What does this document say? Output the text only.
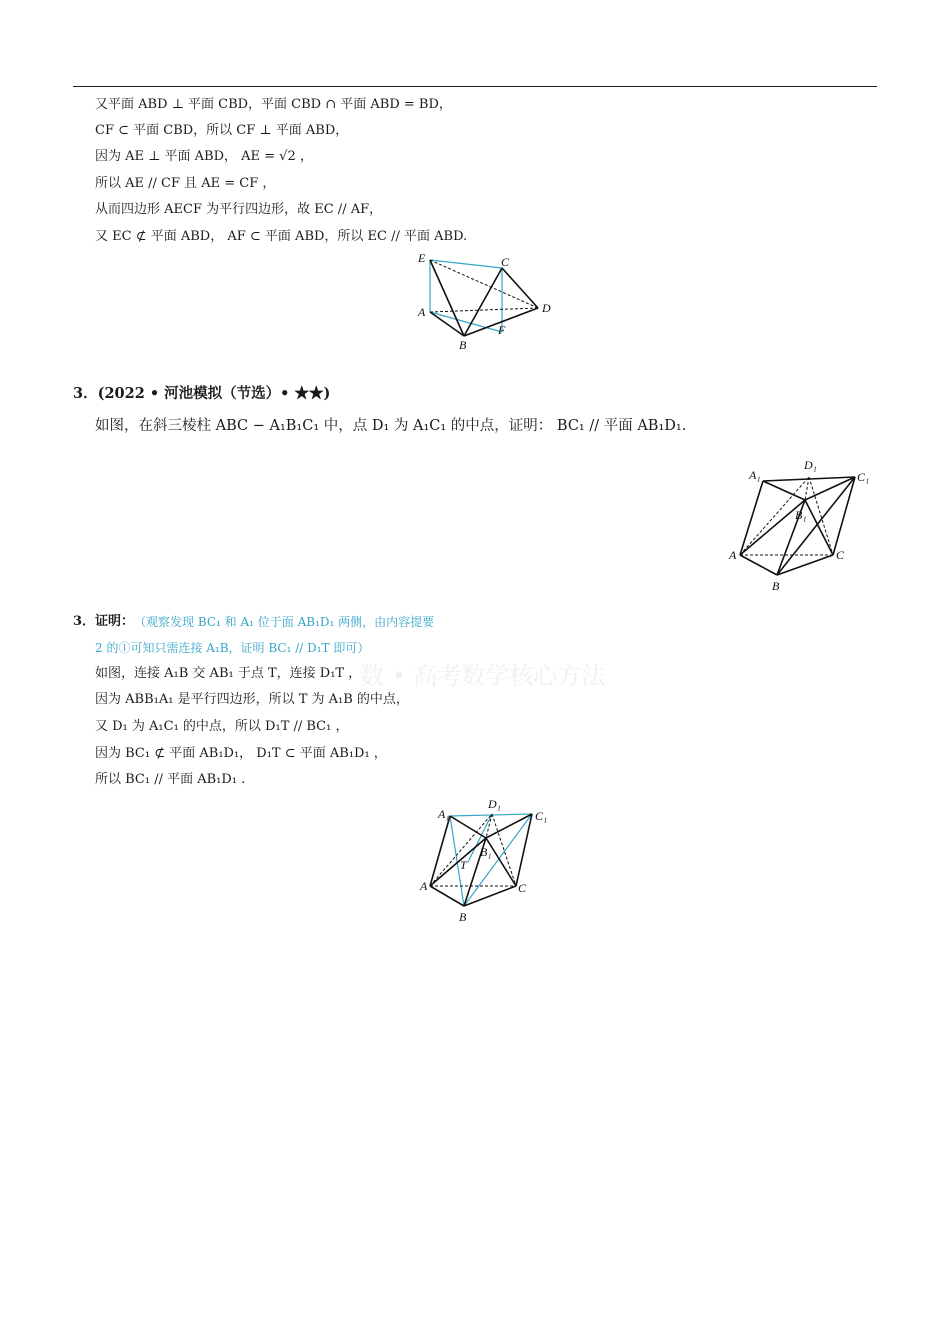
又平面 ABD ⊥ 平面 CBD，平面 CBD ∩ 平面 ABD = BD，
CF ⊂ 平面 CBD，所以 CF ⊥ 平面 ABD，
因为 AE ⊥ 平面 ABD， AE = √2 ，
所以 AE // CF 且 AE = CF ，
从而四边形 AECF 为平行四边形，故 EC // AF，
又 EC ⊄ 平面 ABD， AF ⊂ 平面 ABD，所以 EC // 平面 ABD.
E	C
A	D
F
B
3．(2022 • 河池模拟（节选）• ★★)
如图，在斜三棱柱 ABC − A₁B₁C₁ 中，点 D₁ 为 A₁C₁ 的中点，证明： BC₁ // 平面 AB₁D₁.
A₁
D₁
C₁
B₁
A	C
B
3．证明： （观察发现 BC₁ 和 A₁ 位于面 AB₁D₁ 两侧，由内容提要
2 的①可知只需连接 A₁B，证明 BC₁ // D₁T 即可）
数 • 高考数学核心方法
如图，连接 A₁B 交 AB₁ 于点 T，连接 D₁T ，
因为 ABB₁A₁ 是平行四边形，所以 T 为 A₁B 的中点，
又 D₁ 为 A₁C₁ 的中点，所以 D₁T // BC₁ ，
因为 BC₁ ⊄ 平面 AB₁D₁， D₁T ⊂ 平面 AB₁D₁ ，
所以 BC₁ // 平面 AB₁D₁ .
A₁
D₁
C₁
B₁
T
A	C
B
